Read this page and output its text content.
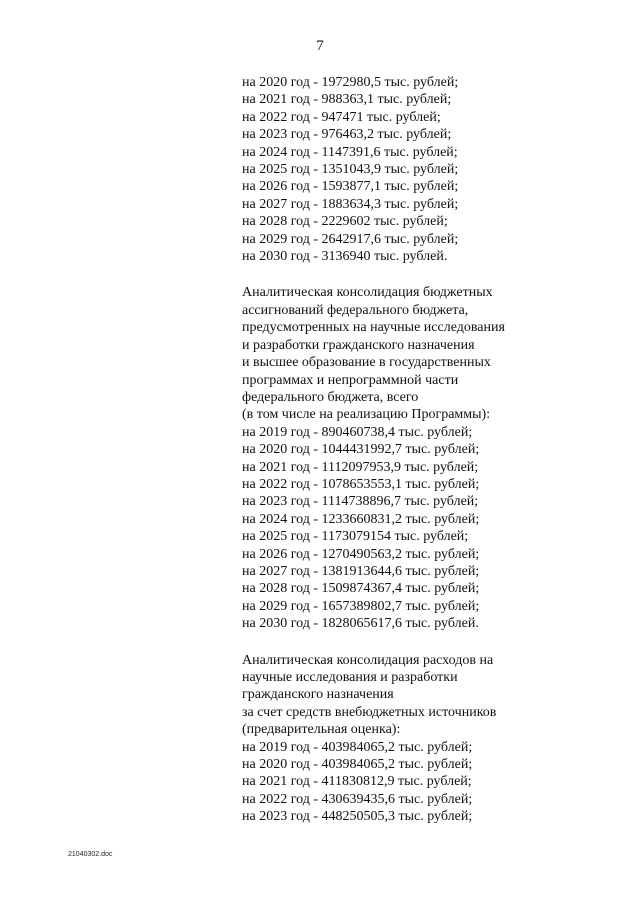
7
на 2020 год - 1972980,5 тыс. рублей;
на 2021 год - 988363,1 тыс. рублей;
на 2022 год - 947471 тыс. рублей;
на 2023 год - 976463,2 тыс. рублей;
на 2024 год - 1147391,6 тыс. рублей;
на 2025 год - 1351043,9 тыс. рублей;
на 2026 год - 1593877,1 тыс. рублей;
на 2027 год - 1883634,3 тыс. рублей;
на 2028 год - 2229602 тыс. рублей;
на 2029 год - 2642917,6 тыс. рублей;
на 2030 год - 3136940 тыс. рублей.
Аналитическая консолидация бюджетных
ассигнований федерального бюджета,
предусмотренных на научные исследования
и разработки гражданского назначения
и высшее образование в государственных
программах и непрограммной части
федерального бюджета, всего
(в том числе на реализацию Программы):
на 2019 год - 890460738,4 тыс. рублей;
на 2020 год - 1044431992,7 тыс. рублей;
на 2021 год - 1112097953,9 тыс. рублей;
на 2022 год - 1078653553,1 тыс. рублей;
на 2023 год - 1114738896,7 тыс. рублей;
на 2024 год - 1233660831,2 тыс. рублей;
на 2025 год - 1173079154 тыс. рублей;
на 2026 год - 1270490563,2 тыс. рублей;
на 2027 год - 1381913644,6 тыс. рублей;
на 2028 год - 1509874367,4 тыс. рублей;
на 2029 год - 1657389802,7 тыс. рублей;
на 2030 год - 1828065617,6 тыс. рублей.
Аналитическая консолидация расходов на
научные исследования и разработки
гражданского назначения
за счет средств внебюджетных источников
(предварительная оценка):
на 2019 год - 403984065,2 тыс. рублей;
на 2020 год - 403984065,2 тыс. рублей;
на 2021 год - 411830812,9 тыс. рублей;
на 2022 год - 430639435,6 тыс. рублей;
на 2023 год - 448250505,3 тыс. рублей;
21040302.doc
